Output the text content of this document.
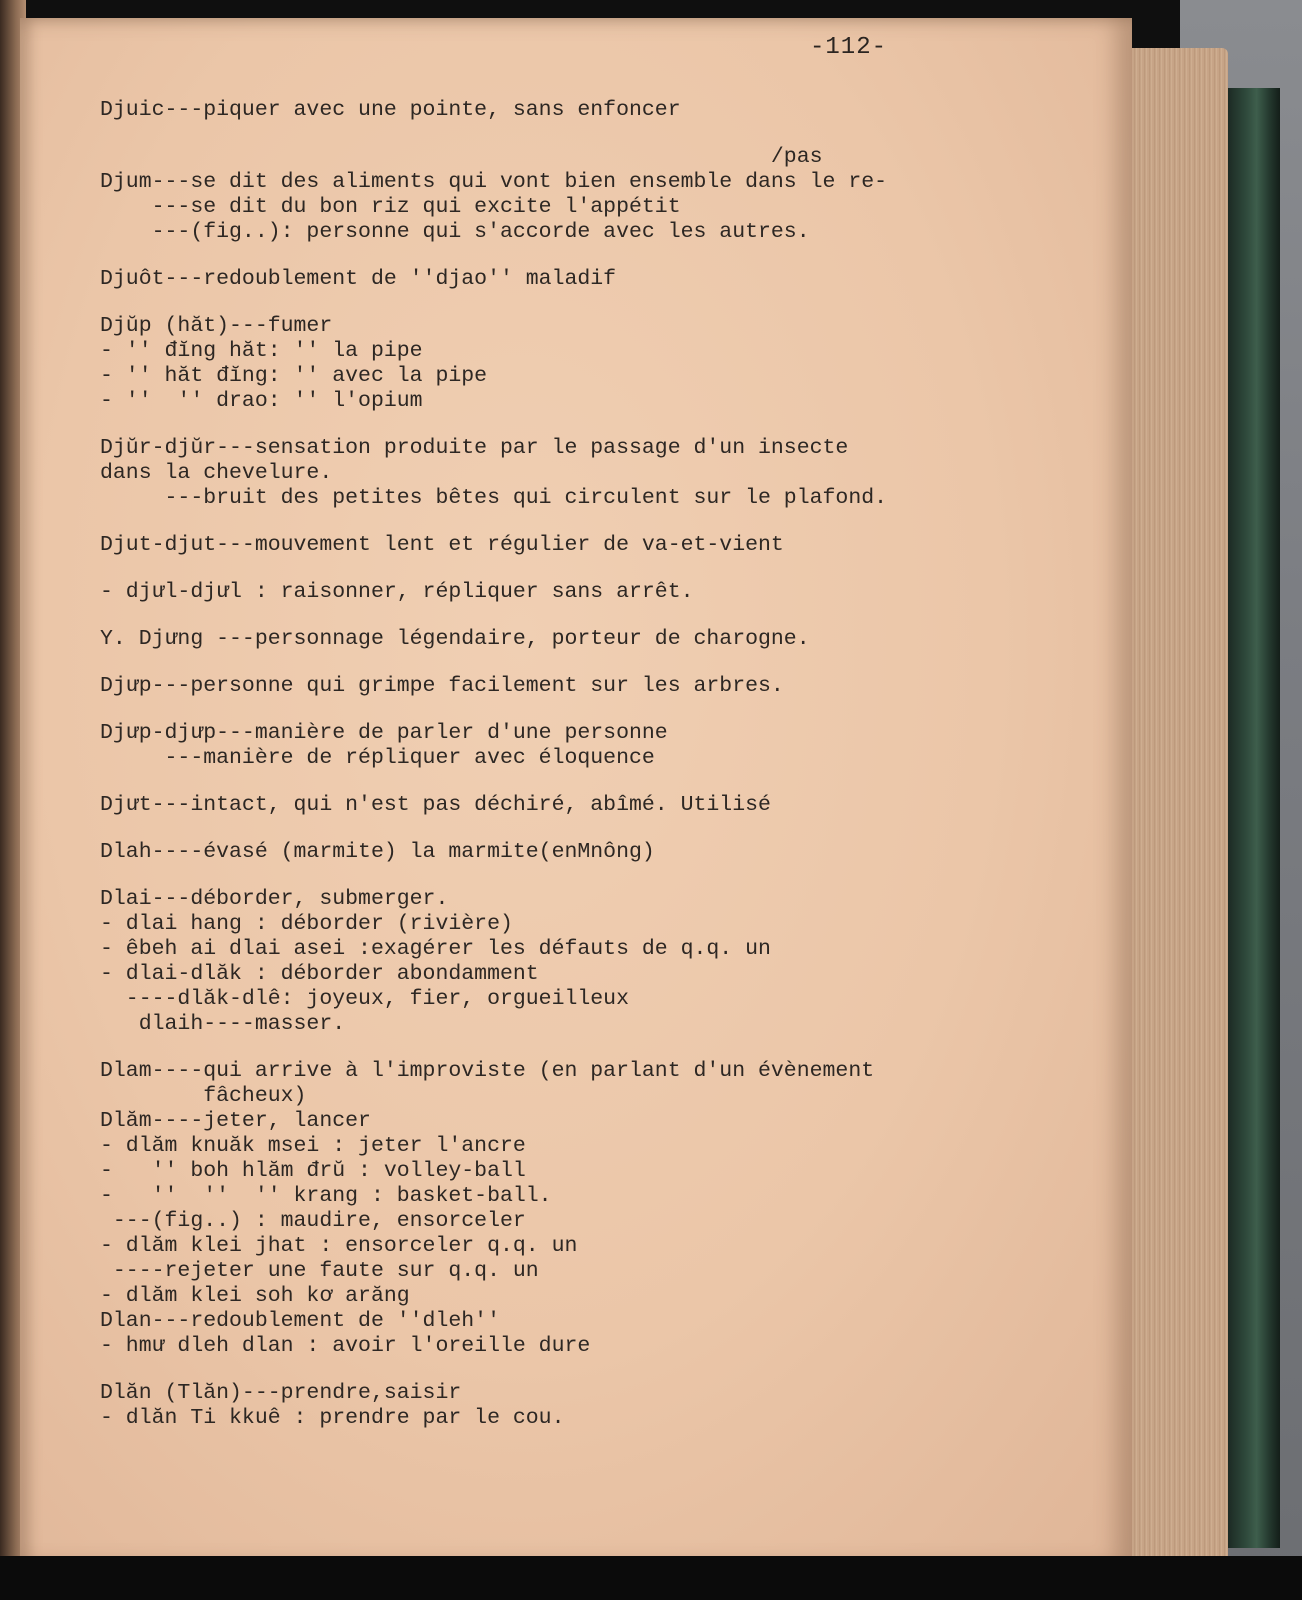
-112-
Djuic---piquer avec une pointe, sans enfoncer
/pas
Djum---se dit des aliments qui vont bien ensemble dans le re-
---se dit du bon riz qui excite l'appétit
---(fig..): personne qui s'accorde avec les autres.
Djuôt---redoublement de ''djao'' maladif
Djŭp (hăt)---fumer
- '' đĭng hăt: '' la pipe
- '' hăt đĭng: '' avec la pipe
- ''  '' drao: '' l'opium
Djŭr-djŭr---sensation produite par le passage d'un insecte
dans la chevelure.
---bruit des petites bêtes qui circulent sur le plafond.
Djut-djut---mouvement lent et régulier de va-et-vient
- djưl-djưl : raisonner, répliquer sans arrêt.
Y. Djưng ---personnage légendaire, porteur de charogne.
Djưp---personne qui grimpe facilement sur les arbres.
Djưp-djưp---manière de parler d'une personne
---manière de répliquer avec éloquence
Djưt---intact, qui n'est pas déchiré, abîmé. Utilisé
Dlah----évasé (marmite) la marmite(enMnông)
Dlai---déborder, submerger.
- dlai hang : déborder (rivière)
- êbeh ai dlai asei :exagérer les défauts de q.q. un
- dlai-dlăk : déborder abondamment
----dlăk-dlê: joyeux, fier, orgueilleux
dlaih----masser.
Dlam----qui arrive à l'improviste (en parlant d'un évènement
fâcheux)
Dlăm----jeter, lancer
- dlăm knuăk msei : jeter l'ancre
-   '' boh hlăm đrŭ : volley-ball
-   ''  ''  '' krang : basket-ball.
---(fig..) : maudire, ensorceler
- dlăm klei jhat : ensorceler q.q. un
----rejeter une faute sur q.q. un
- dlăm klei soh kơ arăng
Dlan---redoublement de ''dleh''
- hmư dleh dlan : avoir l'oreille dure
Dlăn (Tlăn)---prendre,saisir
- dlăn Ti kkuê : prendre par le cou.
